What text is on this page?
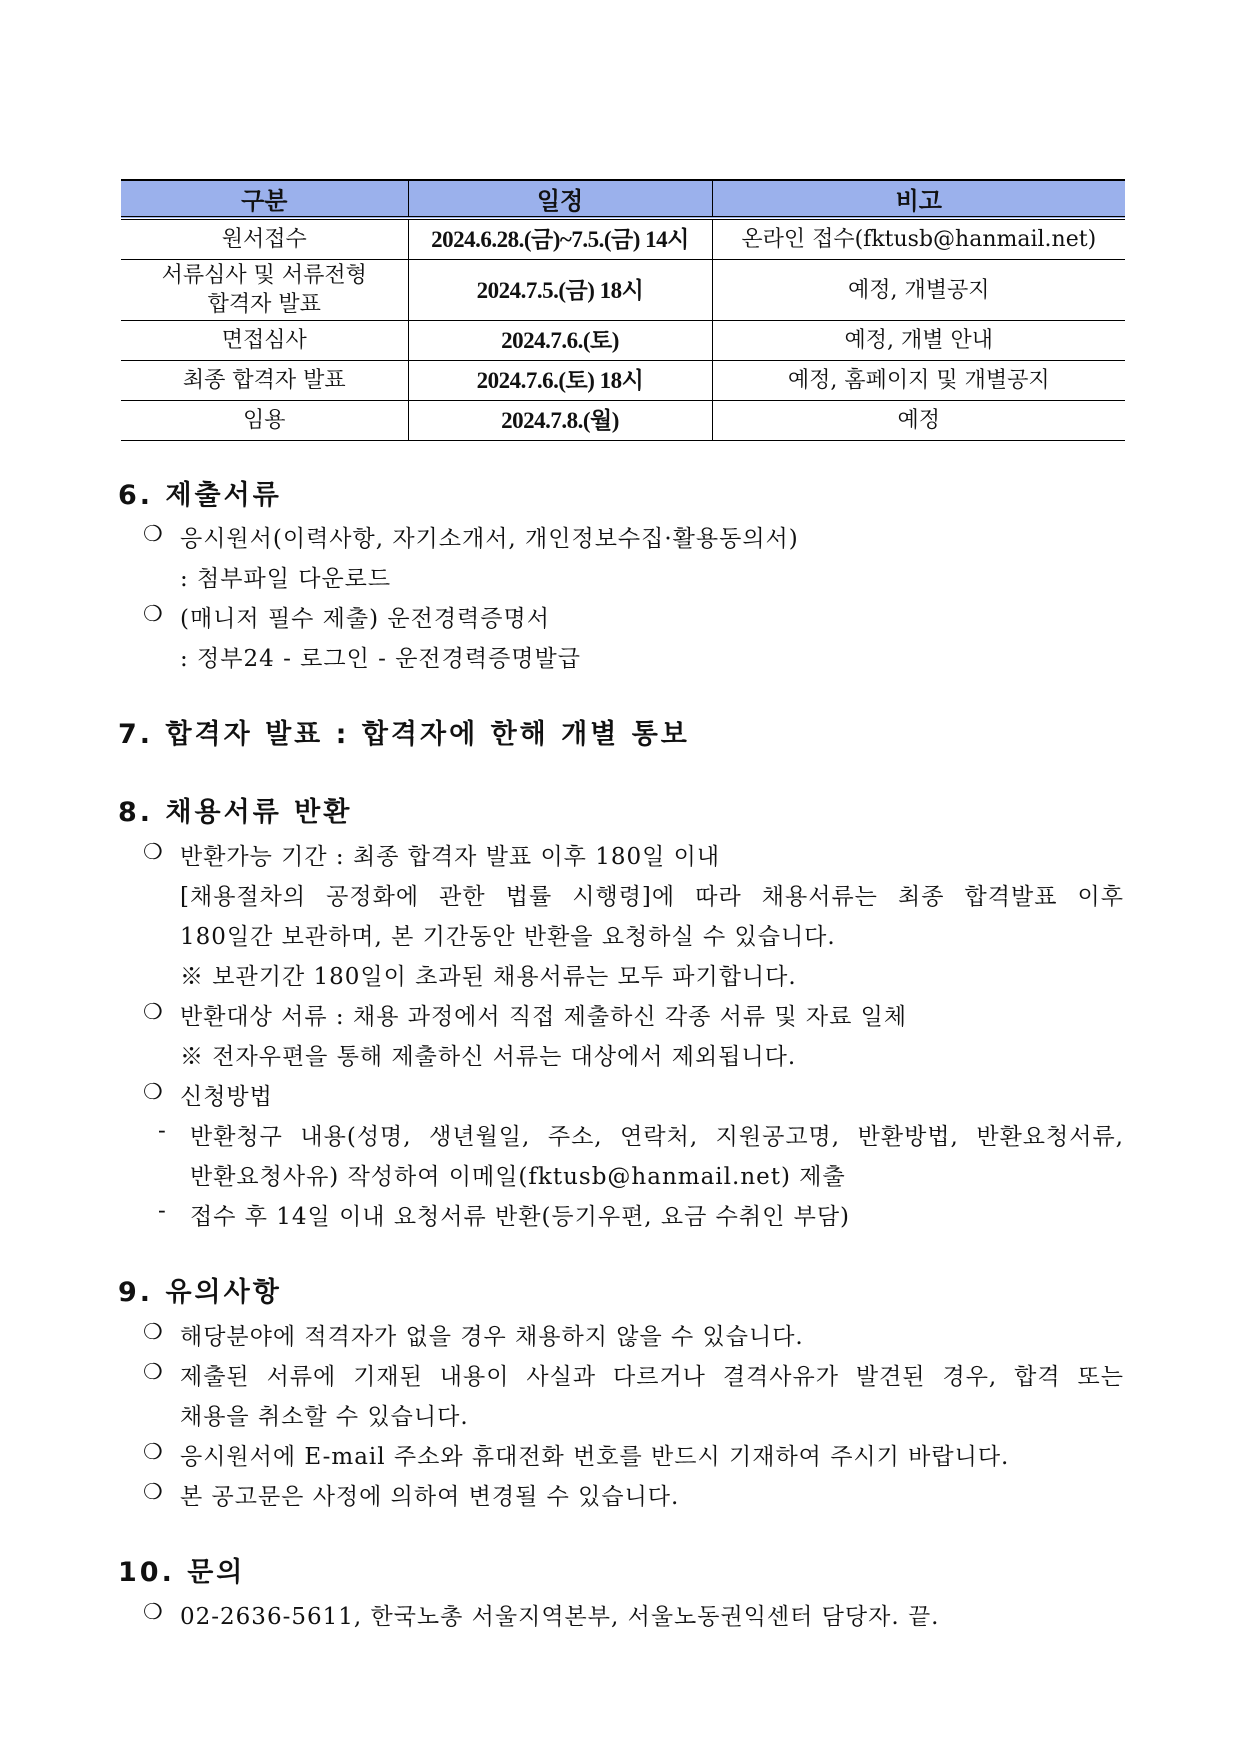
구분	일정	비고
원서접수	2024.6.28.(금)~7.5.(금) 14시	온라인 접수(fktusb@hanmail.net)

서류심사 및 서류전형
합격자 발표	2024.7.5.(금) 18시	예정, 개별공지
면접심사	2024.7.6.(토)	예정, 개별 안내
최종 합격자 발표	2024.7.6.(토) 18시	예정, 홈페이지 및 개별공지
임용	2024.7.8.(월)	예정
6. 제출서류
❍ 응시원서(이력사항, 자기소개서, 개인정보수집·활용동의서)
: 첨부파일 다운로드
❍ (매니저 필수 제출) 운전경력증명서
: 정부24 - 로그인 - 운전경력증명발급
7. 합격자 발표 : 합격자에 한해 개별 통보
8. 채용서류 반환
❍ 반환가능 기간 : 최종 합격자 발표 이후 180일 이내
[채용절차의 공정화에 관한 법률 시행령]에 따라 채용서류는 최종 합격발표 이후
180일간 보관하며, 본 기간동안 반환을 요청하실 수 있습니다.
※ 보관기간 180일이 초과된 채용서류는 모두 파기합니다.
❍ 반환대상 서류 : 채용 과정에서 직접 제출하신 각종 서류 및 자료 일체
※ 전자우편을 통해 제출하신 서류는 대상에서 제외됩니다.
❍ 신청방법
- 반환청구 내용(성명, 생년월일, 주소, 연락처, 지원공고명, 반환방법, 반환요청서류,
반환요청사유) 작성하여 이메일(fktusb@hanmail.net) 제출
- 접수 후 14일 이내 요청서류 반환(등기우편, 요금 수취인 부담)
9. 유의사항
❍ 해당분야에 적격자가 없을 경우 채용하지 않을 수 있습니다.
❍ 제출된 서류에 기재된 내용이 사실과 다르거나 결격사유가 발견된 경우, 합격 또는
채용을 취소할 수 있습니다.
❍ 응시원서에 E-mail 주소와 휴대전화 번호를 반드시 기재하여 주시기 바랍니다.
❍ 본 공고문은 사정에 의하여 변경될 수 있습니다.
10. 문의
❍ 02-2636-5611, 한국노총 서울지역본부, 서울노동권익센터 담당자. 끝.
